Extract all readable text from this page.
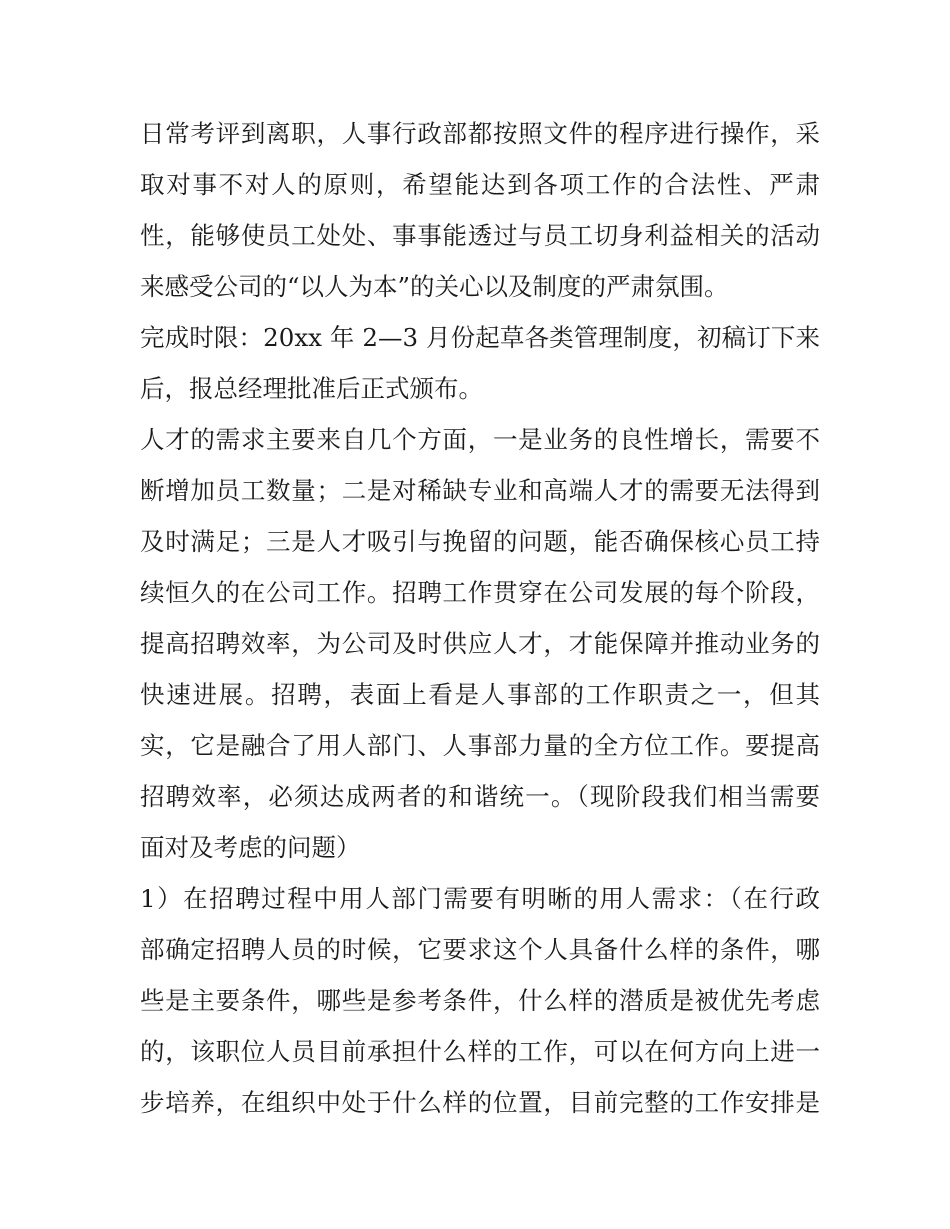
日常考评到离职，人事行政部都按照文件的程序进行操作，采
取对事不对人的原则，希望能达到各项工作的合法性、严肃
性，能够使员工处处、事事能透过与员工切身利益相关的活动
来感受公司的“以人为本”的关心以及制度的严肃氛围。
完成时限：20xx 年 2—3 月份起草各类管理制度，初稿订下来
后，报总经理批准后正式颁布。
人才的需求主要来自几个方面，一是业务的良性增长，需要不
断增加员工数量；二是对稀缺专业和高端人才的需要无法得到
及时满足；三是人才吸引与挽留的问题，能否确保核心员工持
续恒久的在公司工作。招聘工作贯穿在公司发展的每个阶段，
提高招聘效率，为公司及时供应人才，才能保障并推动业务的
快速进展。招聘，表面上看是人事部的工作职责之一，但其
实，它是融合了用人部门、人事部力量的全方位工作。要提高
招聘效率，必须达成两者的和谐统一。（现阶段我们相当需要
面对及考虑的问题）
1）在招聘过程中用人部门需要有明晰的用人需求：（在行政
部确定招聘人员的时候，它要求这个人具备什么样的条件，哪
些是主要条件，哪些是参考条件，什么样的潜质是被优先考虑
的，该职位人员目前承担什么样的工作，可以在何方向上进一
步培养，在组织中处于什么样的位置，目前完整的工作安排是
